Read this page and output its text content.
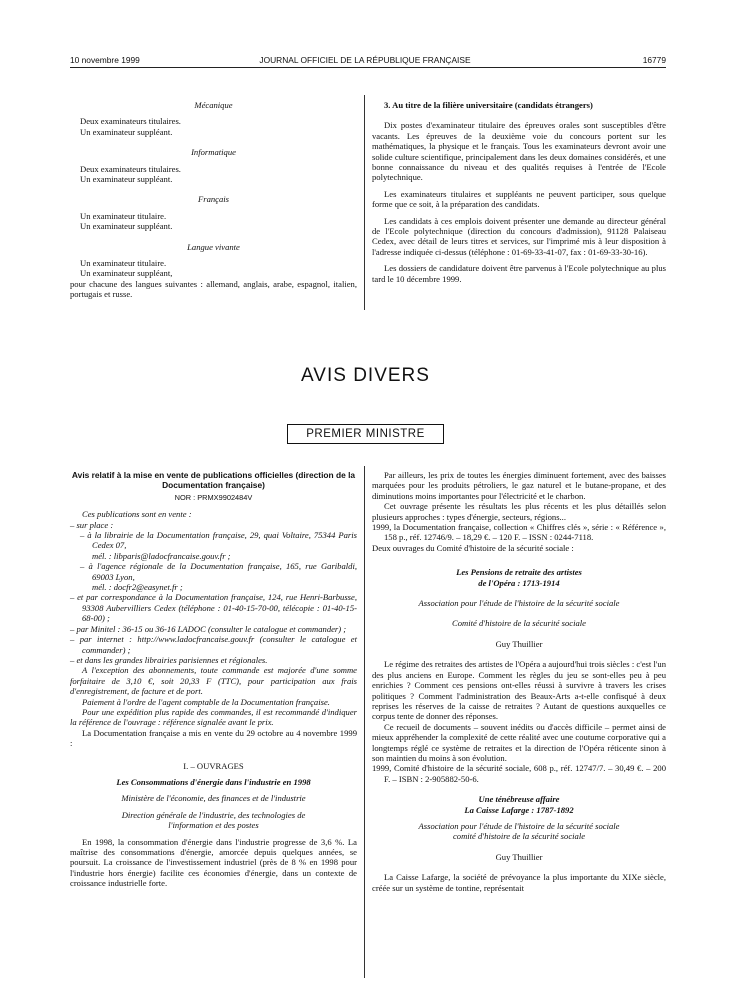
10 novembre 1999	JOURNAL OFFICIEL DE LA RÉPUBLIQUE FRANÇAISE	16779

Mécanique

Deux examinateurs titulaires.

Un examinateur suppléant.

Informatique

Deux examinateurs titulaires.

Un examinateur suppléant.

Français

Un examinateur titulaire.

Un examinateur suppléant.

Langue vivante

Un examinateur titulaire.

Un examinateur suppléant,

pour chacune des langues suivantes : allemand, anglais, arabe, espagnol, italien, portugais et russe.

3. Au titre de la filière universitaire (candidats étrangers)

Dix postes d'examinateur titulaire des épreuves orales sont susceptibles d'être vacants. Les épreuves de la deuxième voie du concours portent sur les mathématiques, la physique et le français. Tous les examinateurs devront avoir une solide culture scientifique, principalement dans les deux domaines considérés, et une bonne connaissance du niveau et des qualités requises à l'entrée de l'Ecole polytechnique.

Les examinateurs titulaires et suppléants ne peuvent participer, sous quelque forme que ce soit, à la préparation des candidats.

Les candidats à ces emplois doivent présenter une demande au directeur général de l'Ecole polytechnique (direction du concours d'admission), 91128 Palaiseau Cedex, avec détail de leurs titres et services, sur l'imprimé mis à leur disposition à l'adresse indiquée ci-dessus (téléphone : 01-69-33-41-07, fax : 01-69-33-30-16).

Les dossiers de candidature doivent être parvenus à l'Ecole polytechnique au plus tard le 10 décembre 1999.

AVIS DIVERS
PREMIER MINISTRE

Avis relatif à la mise en vente de publications officielles (direction de la Documentation française)

NOR : PRMX9902484V

Ces publications sont en vente :

– sur place :

– à la librairie de la Documentation française, 29, quai Voltaire, 75344 Paris Cedex 07,

mél. : libparis@ladocfrancaise.gouv.fr ;

– à l'agence régionale de la Documentation française, 165, rue Garibaldi, 69003 Lyon,

mél. : docfr2@easynet.fr ;

– et par correspondance à la Documentation française, 124, rue Henri-Barbusse, 93308 Aubervilliers Cedex (téléphone : 01-40-15-70-00, télécopie : 01-40-15-68-00) ;

– par Minitel : 36-15 ou 36-16 LADOC (consulter le catalogue et commander) ;

– par internet : http://www.ladocfrancaise.gouv.fr (consulter le catalogue et commander) ;

– et dans les grandes librairies parisiennes et régionales.

A l'exception des abonnements, toute commande est majorée d'une somme forfaitaire de 3,10 €, soit 20,33 F (TTC), pour participation aux frais d'enregistrement, de facture et de port.

Paiement à l'ordre de l'agent comptable de la Documentation française.

Pour une expédition plus rapide des commandes, il est recommandé d'indiquer la référence de l'ouvrage : référence signalée avant le prix.

La Documentation française a mis en vente du 29 octobre au 4 novembre 1999 :

I. – OUVRAGES

Les Consommations d'énergie dans l'industrie en 1998

Ministère de l'économie, des finances et de l'industrie

Direction générale de l'industrie, des technologies de l'information et des postes

En 1998, la consommation d'énergie dans l'industrie progresse de 3,6 %. La maîtrise des consommations d'énergie, amorcée depuis quelques années, se poursuit. La croissance de l'investissement industriel (près de 8 % en 1998 pour l'industrie hors énergie) facilite ces économies d'énergie, dans un contexte de croissance industrielle forte.

Par ailleurs, les prix de toutes les énergies diminuent fortement, avec des baisses marquées pour les produits pétroliers, le gaz naturel et le butane-propane, et des diminutions moins importantes pour l'électricité et le charbon.

Cet ouvrage présente les résultats les plus récents et les plus détaillés selon plusieurs approches : types d'énergie, secteurs, régions...

1999, la Documentation française, collection « Chiffres clés », série : « Référence », 158 p., réf. 12746/9. – 18,29 €. – 120 F. – ISSN : 0244-7118.

Deux ouvrages du Comité d'histoire de la sécurité sociale :

Les Pensions de retraite des artistes

de l'Opéra : 1713-1914

Association pour l'étude de l'histoire de la sécurité sociale

Comité d'histoire de la sécurité sociale

Guy Thuillier

Le régime des retraites des artistes de l'Opéra a aujourd'hui trois siècles : c'est l'un des plus anciens en Europe. Comment les règles du jeu se sont-elles peu à peu enrichies ? Comment ces pensions ont-elles réussi à survivre à travers les crises politiques ? Comment l'administration des Beaux-Arts a-t-elle confisqué à deux reprises les réserves de la caisse de retraites ? Autant de questions auxquelles ce corpus tente de donner des réponses.

Ce recueil de documents – souvent inédits ou d'accès difficile – permet ainsi de mieux appréhender la complexité de cette réalité avec une coutume corporative qui a longtemps réglé ce système de retraites et la direction de l'Opéra réticente sinon à son maintien du moins à son évolution.

1999, Comité d'histoire de la sécurité sociale, 608 p., réf. 12747/7. – 30,49 €. – 200 F. – ISBN : 2-905882-50-6.

Une ténébreuse affaire

La Caisse Lafarge : 1787-1892

Association pour l'étude de l'histoire de la sécurité sociale

comité d'histoire de la sécurité sociale

Guy Thuillier

La Caisse Lafarge, la société de prévoyance la plus importante du XIXe siècle, créée sur un système de tontine, représentait
